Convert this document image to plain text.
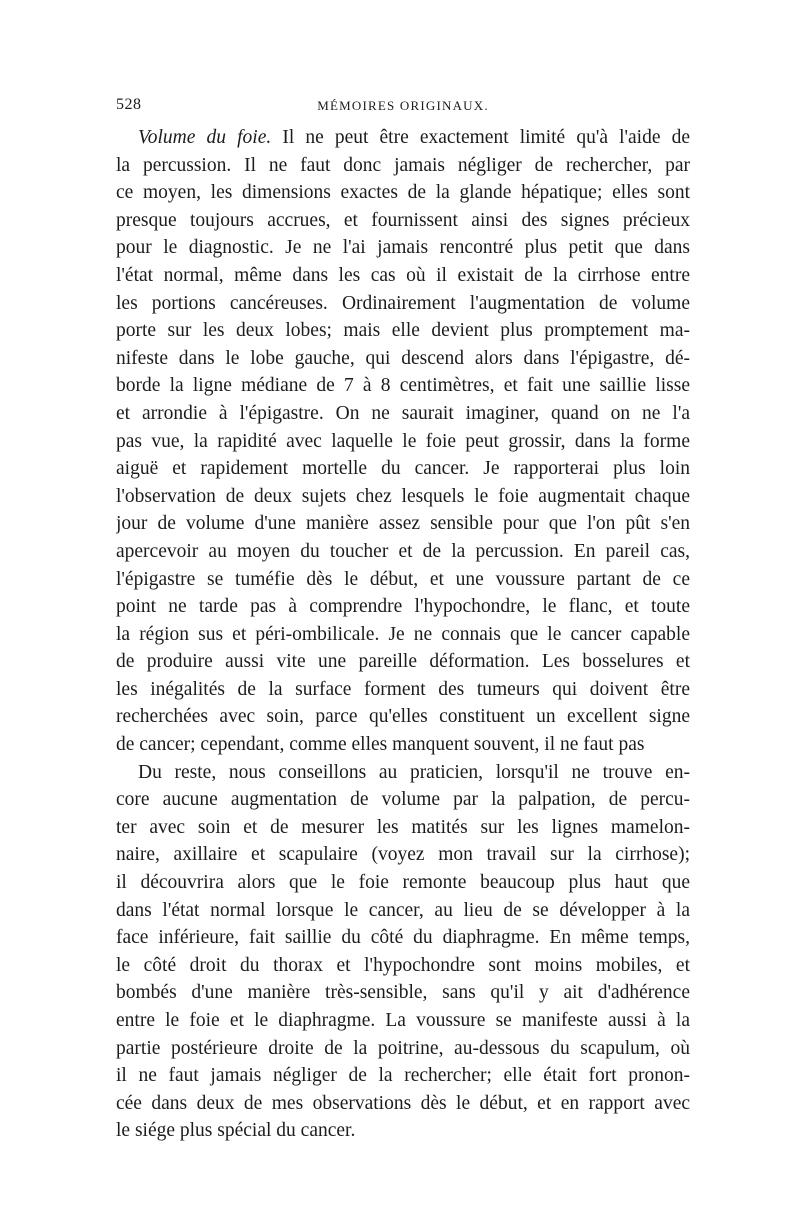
528	MÉMOIRES ORIGINAUX.
Volume du foie. Il ne peut être exactement limité qu'à l'aide de
la percussion. Il ne faut donc jamais négliger de rechercher, par
ce moyen, les dimensions exactes de la glande hépatique; elles sont
presque toujours accrues, et fournissent ainsi des signes précieux
pour le diagnostic. Je ne l'ai jamais rencontré plus petit que dans
l'état normal, même dans les cas où il existait de la cirrhose entre
les portions cancéreuses. Ordinairement l'augmentation de volume
porte sur les deux lobes; mais elle devient plus promptement ma-
nifeste dans le lobe gauche, qui descend alors dans l'épigastre, dé-
borde la ligne médiane de 7 à 8 centimètres, et fait une saillie lisse
et arrondie à l'épigastre. On ne saurait imaginer, quand on ne l'a
pas vue, la rapidité avec laquelle le foie peut grossir, dans la forme
aiguë et rapidement mortelle du cancer. Je rapporterai plus loin
l'observation de deux sujets chez lesquels le foie augmentait chaque
jour de volume d'une manière assez sensible pour que l'on pût s'en
apercevoir au moyen du toucher et de la percussion. En pareil cas,
l'épigastre se tuméfie dès le début, et une voussure partant de ce
point ne tarde pas à comprendre l'hypochondre, le flanc, et toute
la région sus et péri-ombilicale. Je ne connais que le cancer capable
de produire aussi vite une pareille déformation. Les bosselures et
les inégalités de la surface forment des tumeurs qui doivent être
recherchées avec soin, parce qu'elles constituent un excellent signe
de cancer; cependant, comme elles manquent souvent, il ne faut pas
Du reste, nous conseillons au praticien, lorsqu'il ne trouve en-
core aucune augmentation de volume par la palpation, de percu-
ter avec soin et de mesurer les matités sur les lignes mamelon-
naire, axillaire et scapulaire (voyez mon travail sur la cirrhose);
il découvrira alors que le foie remonte beaucoup plus haut que
dans l'état normal lorsque le cancer, au lieu de se développer à la
face inférieure, fait saillie du côté du diaphragme. En même temps,
le côté droit du thorax et l'hypochondre sont moins mobiles, et
bombés d'une manière très-sensible, sans qu'il y ait d'adhérence
entre le foie et le diaphragme. La voussure se manifeste aussi à la
partie postérieure droite de la poitrine, au-dessous du scapulum, où
il ne faut jamais négliger de la rechercher; elle était fort pronon-
cée dans deux de mes observations dès le début, et en rapport avec
le siége plus spécial du cancer.
